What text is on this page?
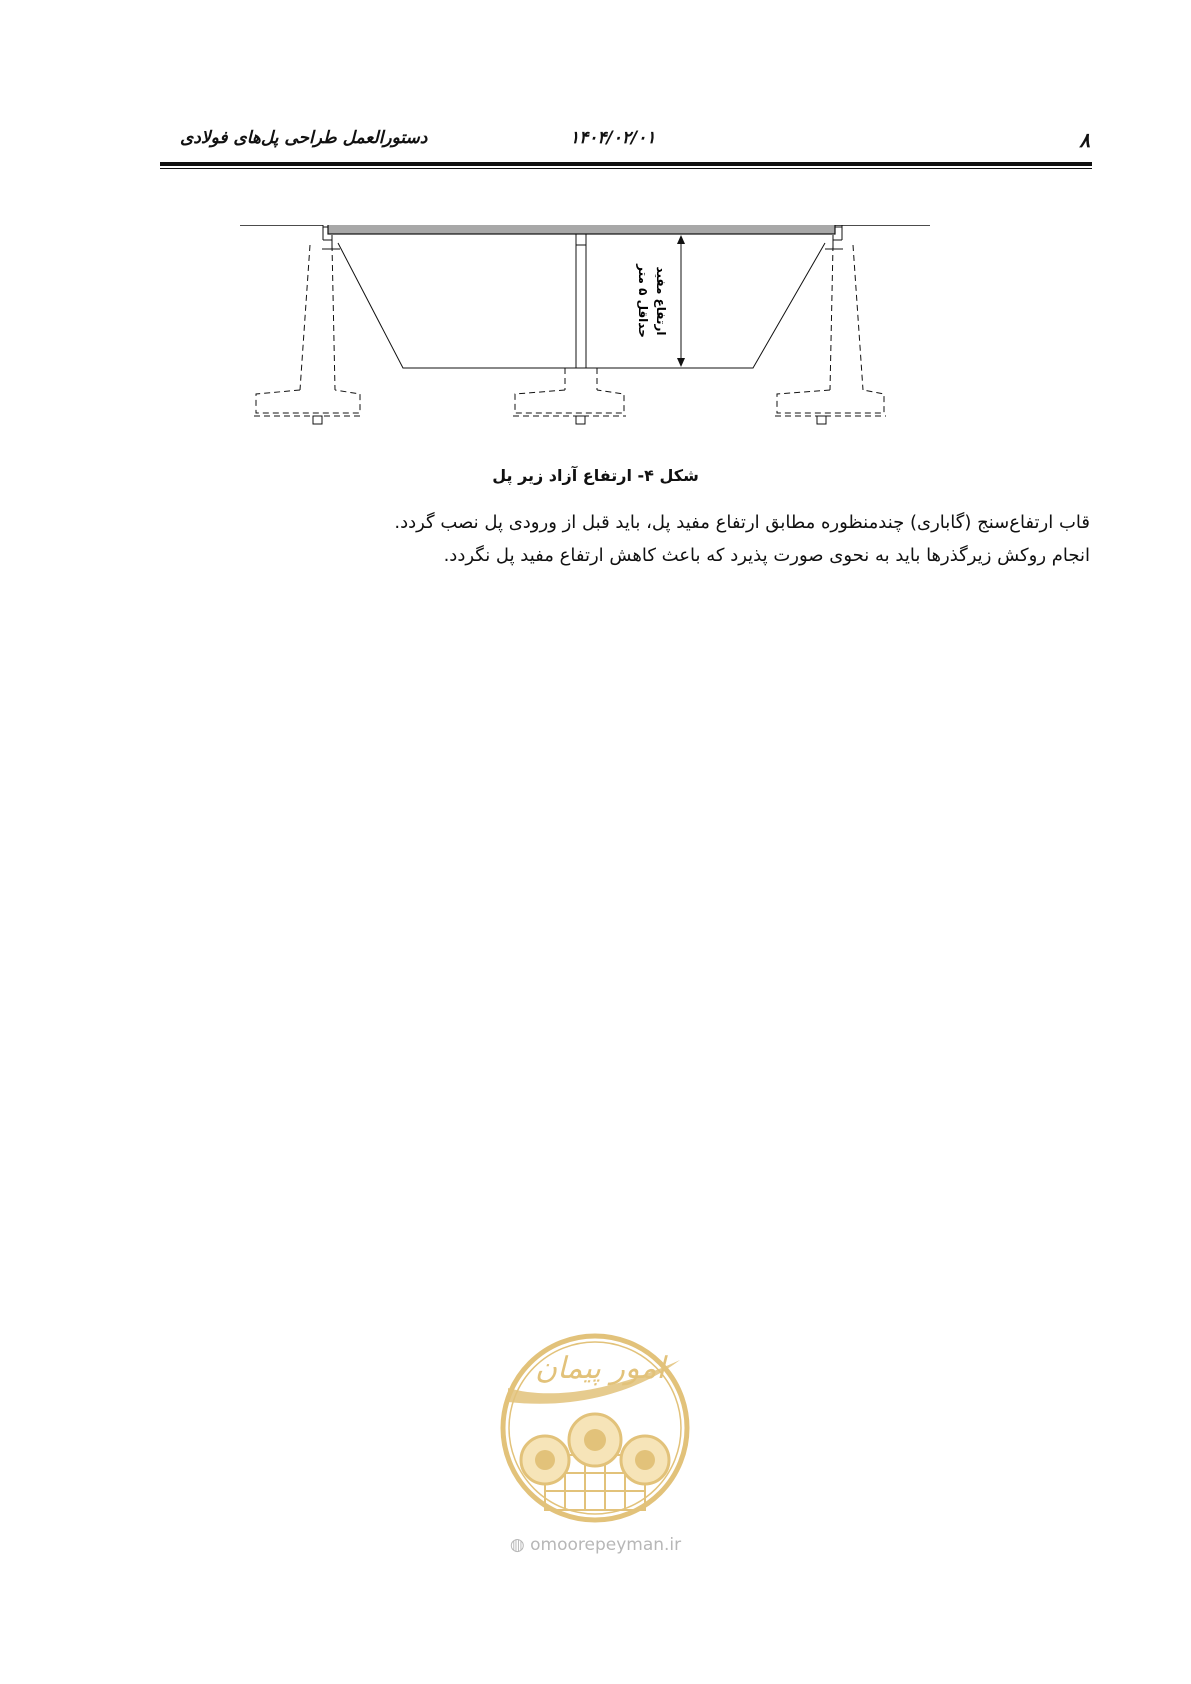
۸
۱۴۰۴/۰۲/۰۱
دستورالعمل طراحی پل‌های فولادی
ارتفاع مفید
حداقل ۵ متر
شکل ۴- ارتفاع آزاد زیر پل

قاب ارتفاع‌سنج (گاباری) چندمنظوره مطابق ارتفاع مفید پل، باید قبل از ورودی پل نصب گردد.

انجام روکش زیرگذرها باید به نحوی صورت پذیرد که باعث کاهش ارتفاع مفید پل نگردد.

امور پیمان
◍ omoorepeyman.ir
